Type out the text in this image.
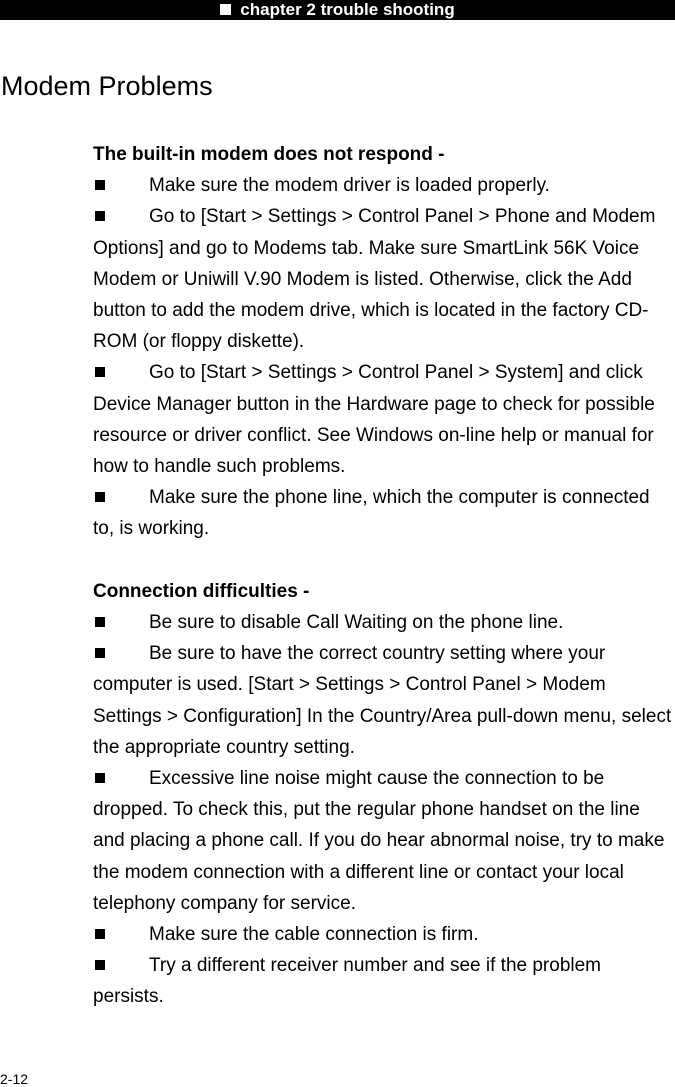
chapter 2 trouble shooting
Modem Problems

The built-in modem does not respond -

Make sure the modem driver is loaded properly.

Go to [Start > Settings > Control Panel > Phone and Modem Options] and go to Modems tab. Make sure SmartLink 56K Voice Modem or Uniwill V.90 Modem is listed. Otherwise, click the Add button to add the modem drive, which is located in the factory CD-ROM (or floppy diskette).

Go to [Start > Settings > Control Panel > System] and click Device Manager button in the Hardware page to check for possible resource or driver conflict. See Windows on-line help or manual for how to handle such problems.

Make sure the phone line, which the computer is connected to, is working.

Connection difficulties -

Be sure to disable Call Waiting on the phone line.

Be sure to have the correct country setting where your computer is used. [Start > Settings > Control Panel > Modem Settings > Configuration] In the Country/Area pull-down menu, select the appropriate country setting.

Excessive line noise might cause the connection to be dropped. To check this, put the regular phone handset on the line and placing a phone call. If you do hear abnormal noise, try to make the modem connection with a different line or contact your local telephony company for service.

Make sure the cable connection is firm.

Try a different receiver number and see if the problem persists.

2-12
